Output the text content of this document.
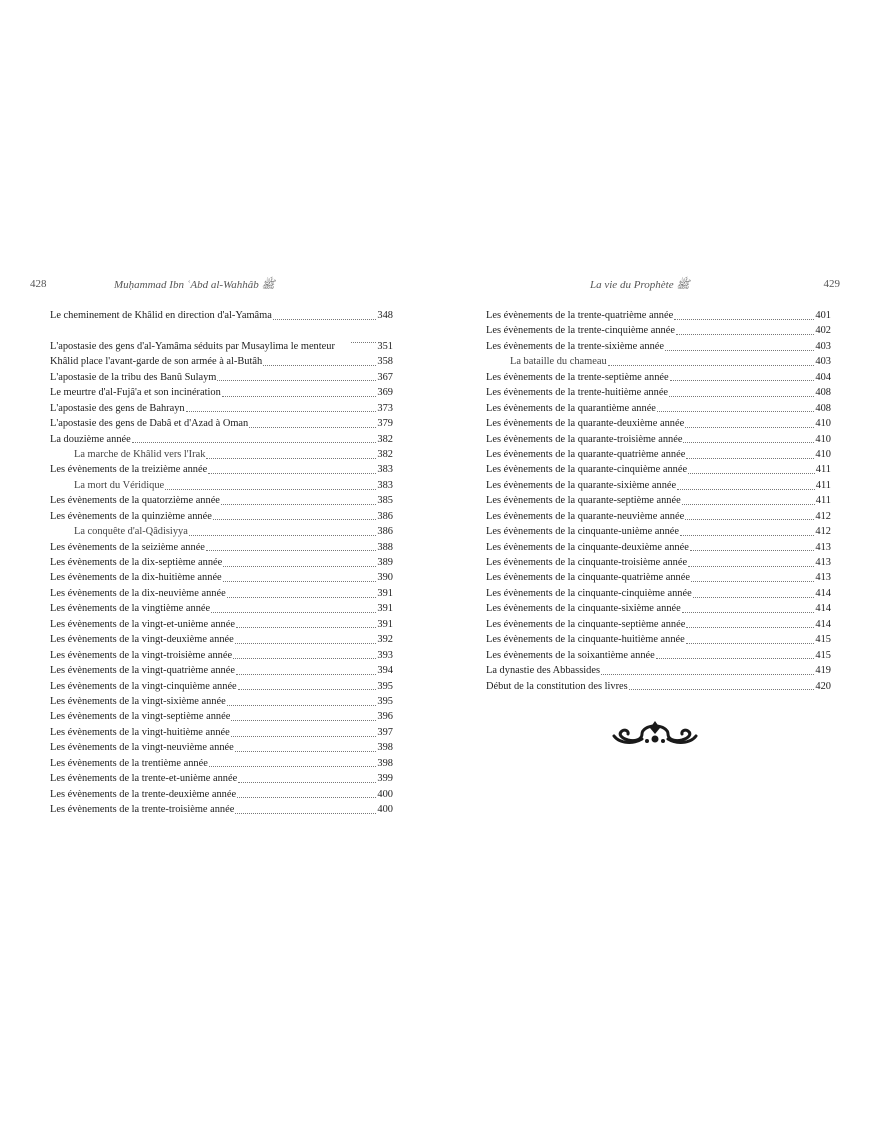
428	Muḥammad Ibn ʿAbd al-Wahhâb ﷺ
Le cheminement de Khâlid en direction d'al-Yamâma	348
L'apostasie des gens d'al-Yamâma séduits par Musaylima le menteur	351
Khâlid place l'avant-garde de son armée à al-Butâh	358
L'apostasie de la tribu des Banû Sulaym	367
Le meurtre d'al-Fujâ'a et son incinération	369
L'apostasie des gens de Bahrayn	373
L'apostasie des gens de Dabâ et d'Azad à Oman	379
La douzième année	382
La marche de Khâlid vers l'Irak	382
Les évènements de la treizième année	383
La mort du Véridique	383
Les évènements de la quatorzième année	385
Les évènements de la quinzième année	386
La conquête d'al-Qâdisiyya	386
Les évènements de la seizième année	388
Les évènements de la dix-septième année	389
Les évènements de la dix-huitième année	390
Les évènements de la dix-neuvième année	391
Les évènements de la vingtième année	391
Les évènements de la vingt-et-unième année	391
Les évènements de la vingt-deuxième année	392
Les évènements de la vingt-troisième année	393
Les évènements de la vingt-quatrième année	394
Les évènements de la vingt-cinquième année	395
Les évènements de la vingt-sixième année	395
Les évènements de la vingt-septième année	396
Les évènements de la vingt-huitième année	397
Les évènements de la vingt-neuvième année	398
Les évènements de la trentième année	398
Les évènements de la trente-et-unième année	399
Les évènements de la trente-deuxième année	400
Les évènements de la trente-troisième année	400
La vie du Prophète ﷺ	429
Les évènements de la trente-quatrième année	401
Les évènements de la trente-cinquième année	402
Les évènements de la trente-sixième année	403
La bataille du chameau	403
Les évènements de la trente-septième année	404
Les évènements de la trente-huitième année	408
Les évènements de la quarantième année	408
Les évènements de la quarante-deuxième année	410
Les évènements de la quarante-troisième année	410
Les évènements de la quarante-quatrième année	410
Les évènements de la quarante-cinquième année	411
Les évènements de la quarante-sixième année	411
Les évènements de la quarante-septième année	411
Les évènements de la quarante-neuvième année	412
Les évènements de la cinquante-unième année	412
Les évènements de la cinquante-deuxième année	413
Les évènements de la cinquante-troisième année	413
Les évènements de la cinquante-quatrième année	413
Les évènements de la cinquante-cinquième année	414
Les évènements de la cinquante-sixième année	414
Les évènements de la cinquante-septième année	414
Les évènements de la cinquante-huitième année	415
Les évènements de la soixantième année	415
La dynastie des Abbassides	419
Début de la constitution des livres	420
